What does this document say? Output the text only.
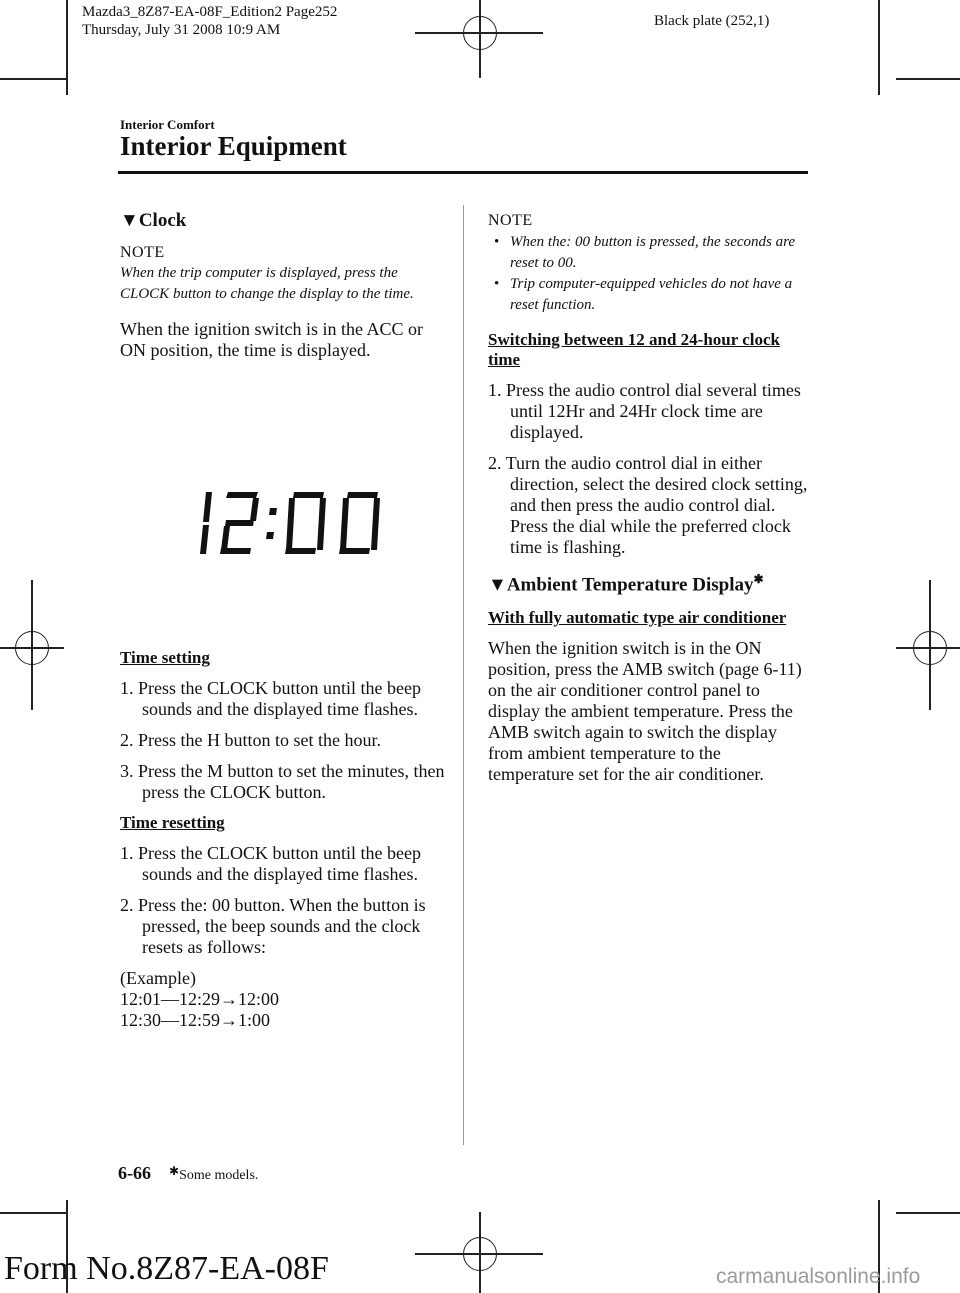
Mazda3_8Z87-EA-08F_Edition2 Page252
Thursday, July 31 2008 10:9 AM
Black plate (252,1)
Interior Comfort
Interior Equipment
▼Clock
NOTE
When the trip computer is displayed, press the CLOCK button to change the display to the time.
When the ignition switch is in the ACC or ON position, the time is displayed.
12:00
Time setting
1. Press the CLOCK button until the beep sounds and the displayed time flashes.
2. Press the H button to set the hour.
3. Press the M button to set the minutes, then press the CLOCK button.
Time resetting
1. Press the CLOCK button until the beep sounds and the displayed time flashes.
2. Press the: 00 button. When the button is pressed, the beep sounds and the clock resets as follows:
(Example)
12:01―12:29→12:00
12:30―12:59→1:00
NOTE
• When the: 00 button is pressed, the seconds are reset to 00.
• Trip computer-equipped vehicles do not have a reset function.
Switching between 12 and 24-hour clock time
1. Press the audio control dial several times until 12Hr and 24Hr clock time are displayed.
2. Turn the audio control dial in either direction, select the desired clock setting, and then press the audio control dial. Press the dial while the preferred clock time is flashing.
▼Ambient Temperature Display✱
With fully automatic type air conditioner
When the ignition switch is in the ON position, press the AMB switch (page 6-11) on the air conditioner control panel to display the ambient temperature. Press the AMB switch again to switch the display from ambient temperature to the temperature set for the air conditioner.
6-66 ✱Some models.
Form No.8Z87-EA-08F	carmanualsonline.info
